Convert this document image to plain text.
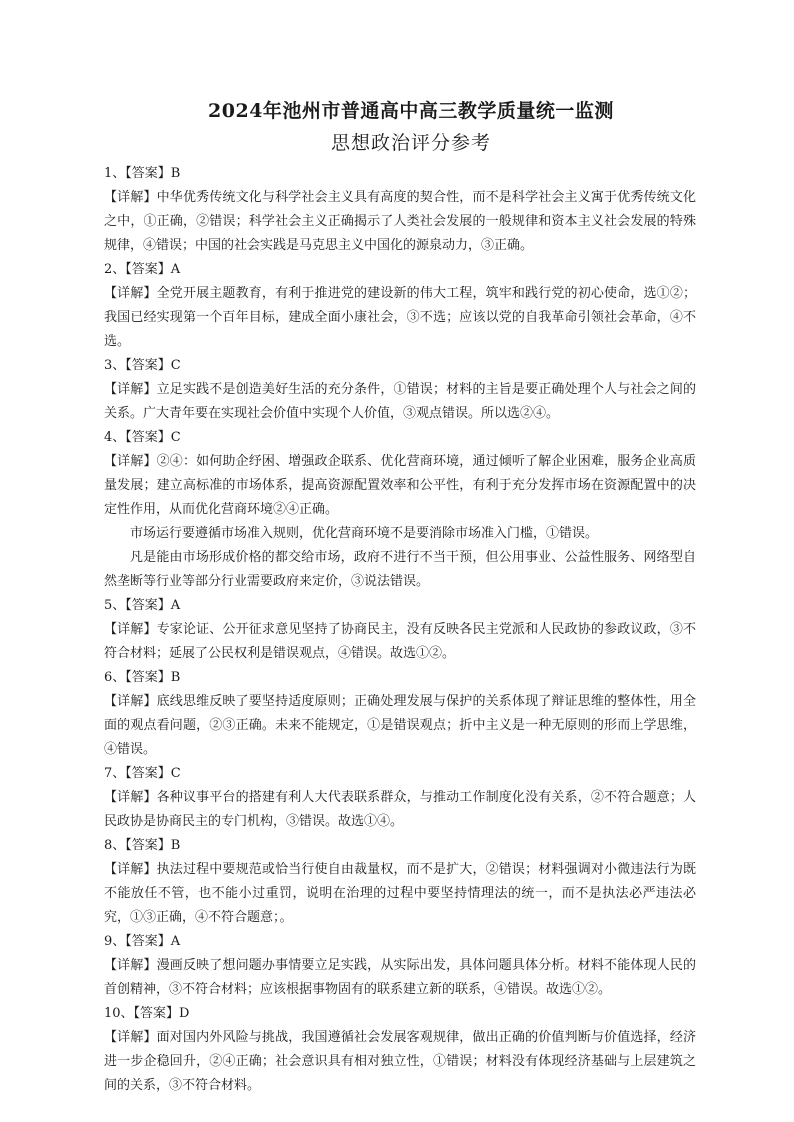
2024年池州市普通高中高三教学质量统一监测
思想政治评分参考
1、【答案】B

【详解】中华优秀传统文化与科学社会主义具有高度的契合性，而不是科学社会主义寓于优秀传统文化之中，①正确，②错误；科学社会主义正确揭示了人类社会发展的一般规律和资本主义社会发展的特殊规律，④错误；中国的社会实践是马克思主义中国化的源泉动力，③正确。

2、【答案】A

【详解】全党开展主题教育，有利于推进党的建设新的伟大工程，筑牢和践行党的初心使命，选①②；我国已经实现第一个百年目标，建成全面小康社会，③不选；应该以党的自我革命引领社会革命，④不选。

3、【答案】C

【详解】立足实践不是创造美好生活的充分条件，①错误；材料的主旨是要正确处理个人与社会之间的关系。广大青年要在实现社会价值中实现个人价值，③观点错误。所以选②④。

4、【答案】C

【详解】②④：如何助企纾困、增强政企联系、优化营商环境，通过倾听了解企业困难，服务企业高质量发展；建立高标准的市场体系，提高资源配置效率和公平性，有利于充分发挥市场在资源配置中的决定性作用，从而优化营商环境②④正确。

市场运行要遵循市场准入规则，优化营商环境不是要消除市场准入门槛，①错误。

凡是能由市场形成价格的都交给市场，政府不进行不当干预，但公用事业、公益性服务、网络型自然垄断等行业等部分行业需要政府来定价，③说法错误。

5、【答案】A

【详解】专家论证、公开征求意见坚持了协商民主，没有反映各民主党派和人民政协的参政议政，③不符合材料；延展了公民权利是错误观点，④错误。故选①②。

6、【答案】B

【详解】底线思维反映了要坚持适度原则；正确处理发展与保护的关系体现了辩证思维的整体性，用全面的观点看问题，②③正确。未来不能规定，①是错误观点；折中主义是一种无原则的形而上学思维，④错误。

7、【答案】C

【详解】各种议事平台的搭建有利人大代表联系群众，与推动工作制度化没有关系，②不符合题意；人民政协是协商民主的专门机构，③错误。故选①④。

8、【答案】B

【详解】执法过程中要规范或恰当行使自由裁量权，而不是扩大，②错误；材料强调对小微违法行为既不能放任不管，也不能小过重罚，说明在治理的过程中要坚持情理法的统一，而不是执法必严违法必究，①③正确，④不符合题意；。

9、【答案】A

【详解】漫画反映了想问题办事情要立足实践，从实际出发，具体问题具体分析。材料不能体现人民的首创精神，③不符合材料；应该根据事物固有的联系建立新的联系，④错误。故选①②。

10、【答案】D

【详解】面对国内外风险与挑战，我国遵循社会发展客观规律，做出正确的价值判断与价值选择，经济进一步企稳回升，②④正确；社会意识具有相对独立性，①错误；材料没有体现经济基础与上层建筑之间的关系，③不符合材料。
